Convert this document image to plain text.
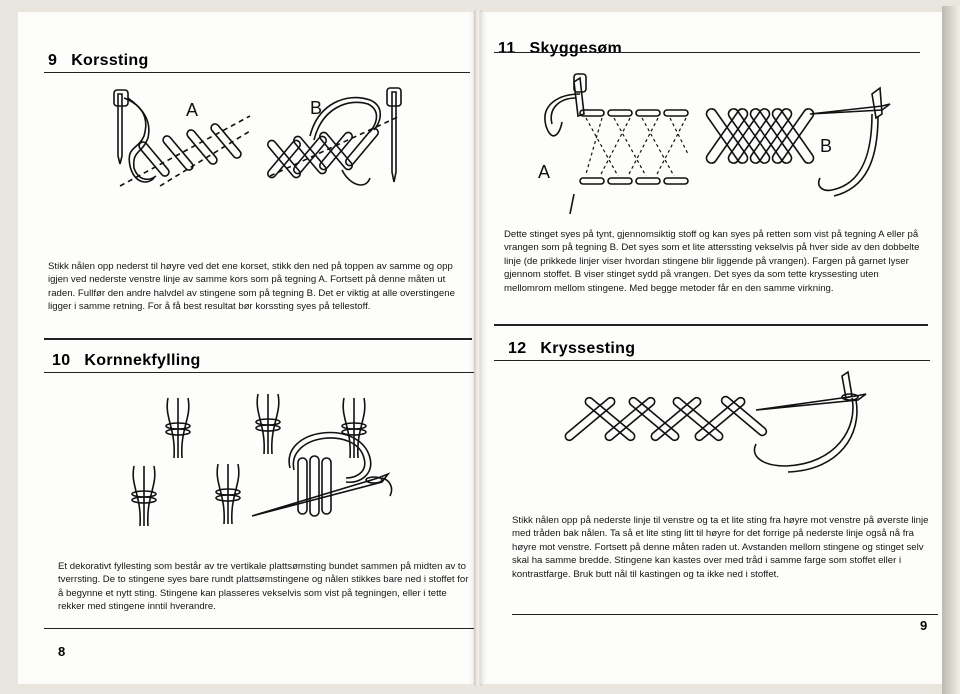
9 Korssting
A	B
Stikk nålen opp nederst til høyre ved det ene korset, stikk den ned på toppen av samme og opp igjen ved nederste venstre linje av samme kors som på tegning A. Fortsett på denne måten ut raden. Fullfør den andre halvdel av stingene som på tegning B. Det er viktig at alle overstingene ligger i samme retning. For å få best resultat bør korssting syes på tellestoff.
10 Kornnekfylling
Et dekorativt fyllesting som består av tre vertikale plattsømsting bundet sammen på midten av to tverrsting. De to stingene syes bare rundt plattsømstingene og nålen stikkes bare ned i stoffet for å begynne et nytt sting. Stingene kan plasseres vekselvis som vist på tegningen, eller i tette rekker med stingene inntil hverandre.
8
11 Skyggesøm
A
B
Dette stinget syes på tynt, gjennomsiktig stoff og kan syes på retten som vist på tegning A eller på vrangen som på tegning B. Det syes som et lite atterssting vekselvis på hver side av den dobbelte linje (de prikkede linjer viser hvordan stingene blir liggende på vrangen). Fargen på garnet lyser gjennom stoffet. B viser stinget sydd på vrangen. Det syes da som tette kryssesting uten mellomrom mellom stingene. Med begge metoder får en den samme virkning.
12 Kryssesting
Stikk nålen opp på nederste linje til venstre og ta et lite sting fra høyre mot venstre på øverste linje med tråden bak nålen. Ta så et lite sting litt til høyre for det forrige på nederste linje også nå fra høyre mot venstre. Fortsett på denne måten raden ut. Avstanden mellom stingene og stinget selv skal ha samme bredde. Stingene kan kastes over med tråd i samme farge som stoffet eller i kontrastfarge. Bruk butt nål til kastingen og ta ikke ned i stoffet.
9
